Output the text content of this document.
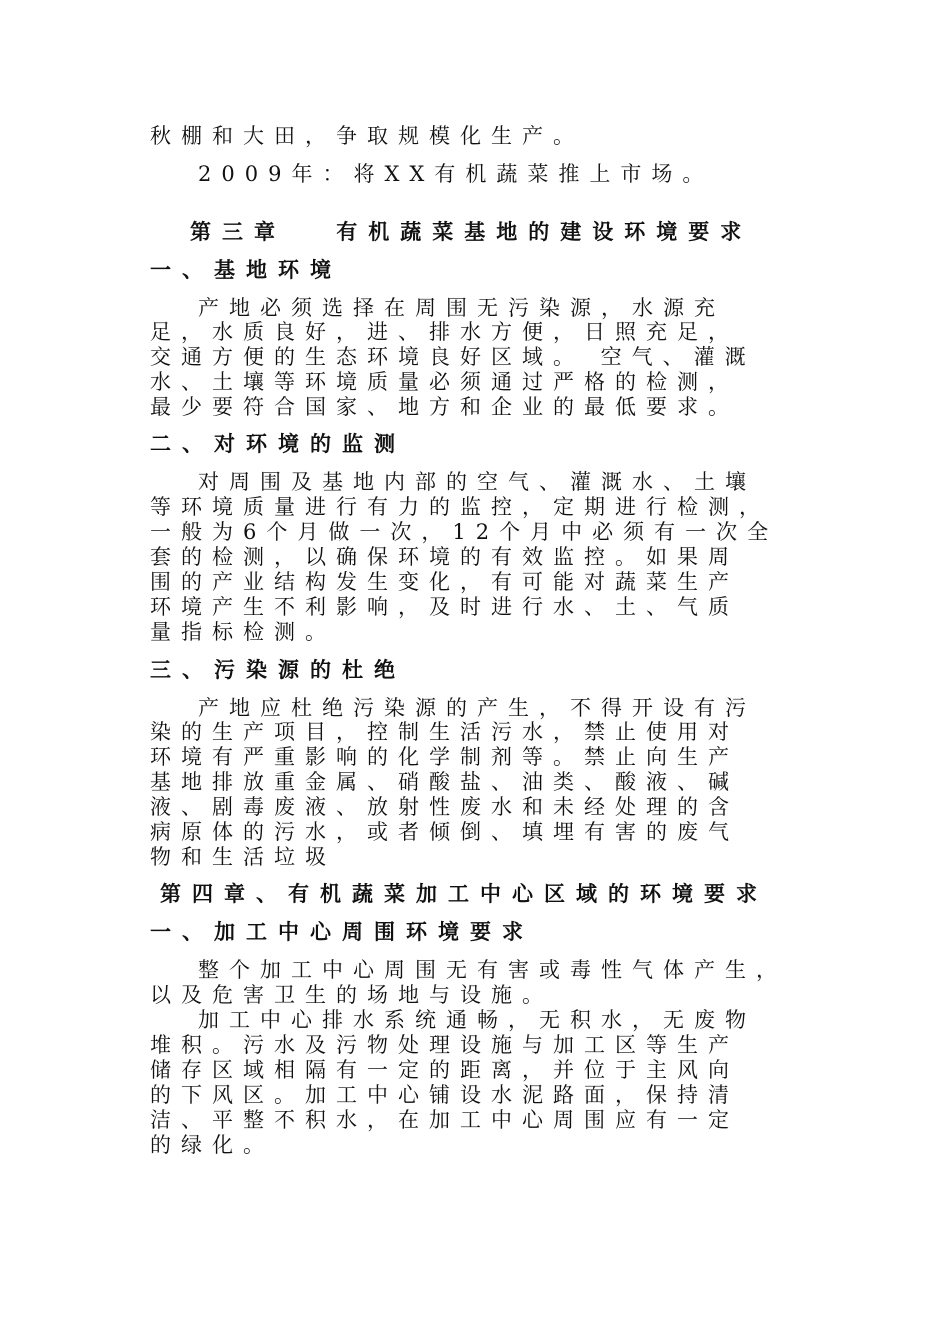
秋棚和大田，争取规模化生产。
2009年：将XX有机蔬菜推上市场。
第三章　 有机蔬菜基地的建设环境要求
一、基地环境
产地必须选择在周围无污染源，水源充
足，水质良好，进、排水方便，日照充足，
交通方便的生态环境良好区域。 空气、灌溉
水、土壤等环境质量必须通过严格的检测，
最少要符合国家、地方和企业的最低要求。
二、对环境的监测
对周围及基地内部的空气、灌溉水、土壤
等环境质量进行有力的监控，定期进行检测，
一般为6个月做一次，12个月中必须有一次全
套的检测，以确保环境的有效监控。如果周
围的产业结构发生变化，有可能对蔬菜生产
环境产生不利影响，及时进行水、土、气质
量指标检测。
三、污染源的杜绝
产地应杜绝污染源的产生，不得开设有污
染的生产项目，控制生活污水，禁止使用对
环境有严重影响的化学制剂等。禁止向生产
基地排放重金属、硝酸盐、油类、酸液、碱
液、剧毒废液、放射性废水和未经处理的含
病原体的污水，或者倾倒、填埋有害的废气
物和生活垃圾
第四章、有机蔬菜加工中心区域的环境要求
一、加工中心周围环境要求
整个加工中心周围无有害或毒性气体产生，
以及危害卫生的场地与设施。
加工中心排水系统通畅，无积水，无废物
堆积。污水及污物处理设施与加工区等生产
储存区域相隔有一定的距离，并位于主风向
的下风区。加工中心铺设水泥路面，保持清
洁、平整不积水，在加工中心周围应有一定
的绿化。
